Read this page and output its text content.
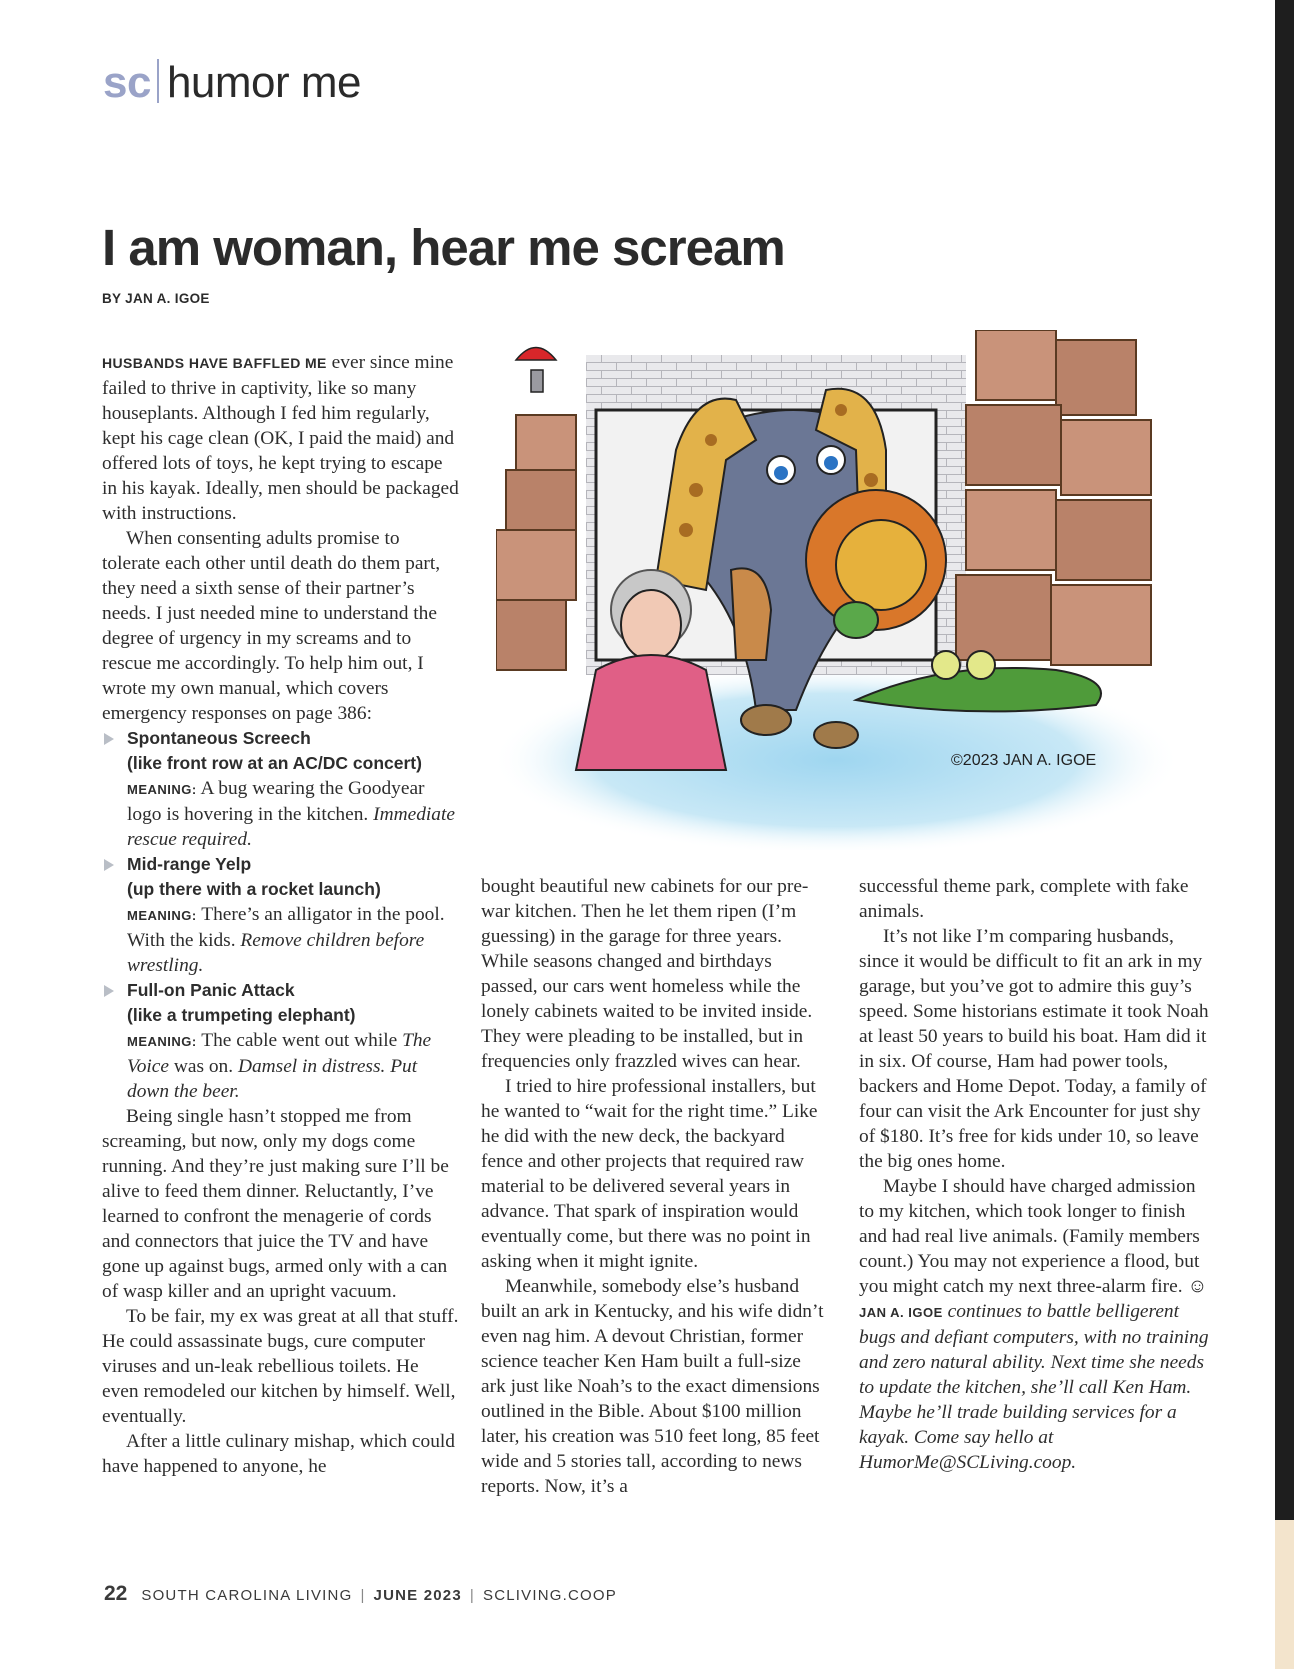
sc humor me
I am woman, hear me scream
BY JAN A. IGOE

HUSBANDS HAVE BAFFLED ME ever since mine failed to thrive in captivity, like so many houseplants. Although I fed him regularly, kept his cage clean (OK, I paid the maid) and offered lots of toys, he kept trying to escape in his kayak. Ideally, men should be packaged with instructions.

When consenting adults promise to tolerate each other until death do them part, they need a sixth sense of their partner’s needs. I just needed mine to understand the degree of urgency in my screams and to rescue me accordingly. To help him out, I wrote my own manual, which covers emergency responses on page 386:

Spontaneous Screech
(like front row at an AC/DC concert)
MEANING: A bug wearing the Goodyear logo is hovering in the kitchen. Immediate rescue required.
Mid-range Yelp
(up there with a rocket launch)
MEANING: There’s an alligator in the pool. With the kids. Remove children before wrestling.
Full-on Panic Attack
(like a trumpeting elephant)
MEANING: The cable went out while The Voice was on. Damsel in distress. Put down the beer.

Being single hasn’t stopped me from screaming, but now, only my dogs come running. And they’re just making sure I’ll be alive to feed them dinner. Reluctantly, I’ve learned to confront the menagerie of cords and connectors that juice the TV and have gone up against bugs, armed only with a can of wasp killer and an upright vacuum.

To be fair, my ex was great at all that stuff. He could assassinate bugs, cure computer viruses and un-leak rebellious toilets. He even remodeled our kitchen by himself. Well, eventually.

After a little culinary mishap, which could have happened to anyone, he

©2023 JAN A. IGOE

bought beautiful new cabinets for our pre-war kitchen. Then he let them ripen (I’m guessing) in the garage for three years. While seasons changed and birthdays passed, our cars went homeless while the lonely cabinets waited to be invited inside. They were pleading to be installed, but in frequencies only frazzled wives can hear.

I tried to hire professional installers, but he wanted to “wait for the right time.” Like he did with the new deck, the backyard fence and other projects that required raw material to be delivered several years in advance. That spark of inspiration would eventually come, but there was no point in asking when it might ignite.

Meanwhile, somebody else’s husband built an ark in Kentucky, and his wife didn’t even nag him. A devout Christian, former science teacher Ken Ham built a full-size ark just like Noah’s to the exact dimensions outlined in the Bible. About $100 million later, his creation was 510 feet long, 85 feet wide and 5 stories tall, according to news reports. Now, it’s a

successful theme park, complete with fake animals.

It’s not like I’m comparing husbands, since it would be difficult to fit an ark in my garage, but you’ve got to admire this guy’s speed. Some historians estimate it took Noah at least 50 years to build his boat. Ham did it in six. Of course, Ham had power tools, backers and Home Depot. Today, a family of four can visit the Ark Encounter for just shy of $180. It’s free for kids under 10, so leave the big ones home.

Maybe I should have charged admission to my kitchen, which took longer to finish and had real live animals. (Family members count.) You may not experience a flood, but you might catch my next three-alarm fire. ☺

JAN A. IGOE continues to battle belligerent bugs and defiant computers, with no training and zero natural ability. Next time she needs to update the kitchen, she’ll call Ken Ham. Maybe he’ll trade building services for a kayak. Come say hello at HumorMe@SCLiving.coop.

22 SOUTH CAROLINA LIVING | JUNE 2023 | SCLIVING.COOP
